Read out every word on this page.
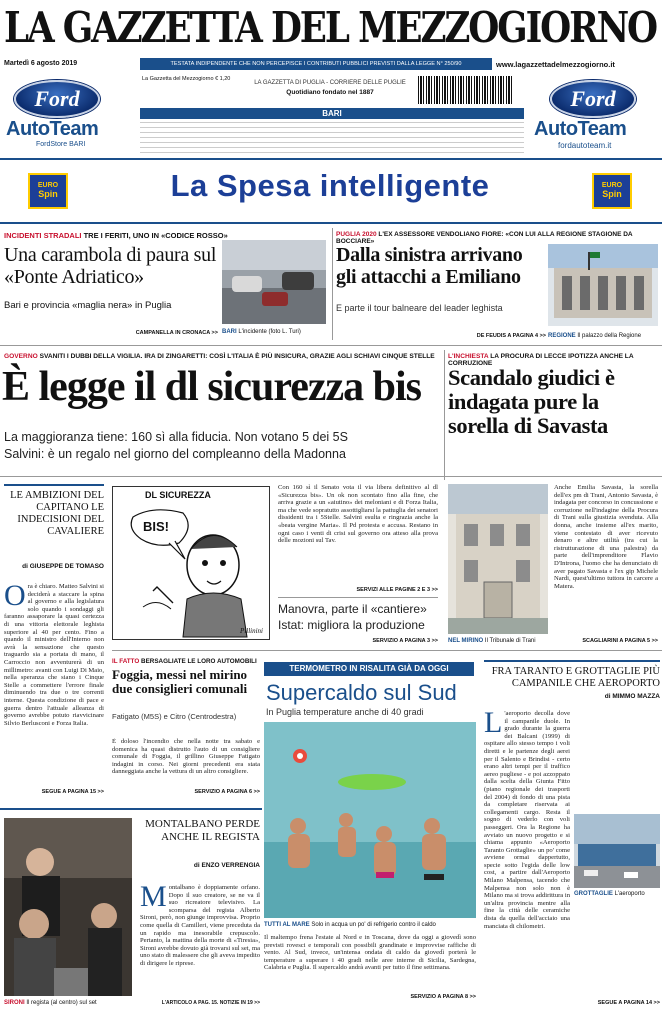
LA GAZZETTA DEL MEZZOGIORNO
Martedì 6 agosto 2019	TESTATA INDIPENDENTE CHE NON PERCEPISCE I CONTRIBUTI PUBBLICI PREVISTI DALLA LEGGE N° 250/90	www.lagazzettadelmezzogiorno.it
La Gazzetta del Mezzogiorno € 1,20
LA GAZZETTA DI PUGLIA - CORRIERE DELLE PUGLIE
Quotidiano fondato nel 1887
BARI
Ford
AutoTeam
FordStore BARI
Ford
AutoTeam
fordautoteam.it
EURO
Spin	La Spesa intelligente	EURO
Spin
INCIDENTI STRADALI TRE I FERITI, UNO IN «CODICE ROSSO»
Una carambola di paura sul «Ponte Adriatico»
Bari e provincia «maglia nera» in Puglia
CAMPANELLA IN CRONACA >> BARI L'incidente (foto L. Turi)
PUGLIA 2020 L'EX ASSESSORE VENDOLIANO FIORE: «CON LUI ALLA REGIONE STAGIONE DA BOCCIARE»
Dalla sinistra arrivano gli attacchi a Emiliano
E parte il tour balneare del leader leghista
DE FEUDIS A PAGINA 4 >> REGIONE Il palazzo della Regione
GOVERNO SVANITI I DUBBI DELLA VIGILIA. IRA DI ZINGARETTI: COSÌ L'ITALIA È PIÙ INSICURA, GRAZIE AGLI SCHIAVI CINQUE STELLE
È legge il dl sicurezza bis
La maggioranza tiene: 160 sì alla fiducia. Non votano 5 dei 5S
Salvini: è un regalo nel giorno del compleanno della Madonna
L'INCHIESTA LA PROCURA DI LECCE IPOTIZZA ANCHE LA CORRUZIONE
Scandalo giudici è indagata pure la sorella di Savasta
LE AMBIZIONI DEL CAPITANO LE INDECISIONI DEL CAVALIERE
di GIUSEPPE DE TOMASO
Ora è chiaro. Matteo Salvini si deciderà a staccare la spina al governo e alla legislatura solo quando i sondaggi gli faranno assaporare la quasi certezza di una vittoria elettorale leghista superiore al 40 per cento. Fino a quando il ministro dell'Interno non avrà la sensazione che questo traguardo sia a portata di mano, il Carroccio non avventurerà di un millimetro: avanti con Luigi Di Maio, nella speranza che siano i Cinque Stelle a commettere l'errore finale diminuendo tra due o tre correnti interne. Questa condizione di pace e guerra dentro l'attuale alleanza di governo avrebbe potuto riavvicinare Silvio Berlusconi e Forza Italia.
SEGUE A PAGINA 15 >>
DL SICUREZZA
BIS!
Pillinini
Con 160 sì il Senato vota il via libera definitivo al dl «Sicurezza bis». Un ok non scontato fino alla fine, che arriva grazie a un «aiutino» dei meloniani e di Forza Italia, ma che vede sopratutto assottigliarsi la pattuglia dei senatori dissidenti tra i 5Stelle. Salvini esulta e ringrazia anche la «beata vergine Maria». Il Pd protesta e accusa. Restano in ogni caso i venti di crisi sul governo ora atteso alla prova delle mozioni sul Tav.
SERVIZI ALLE PAGINE 2 E 3 >>
Manovra, parte il «cantiere»
Istat: migliora la produzione
SERVIZIO A PAGINA 3 >> NEL MIRINO Il Tribunale di Trani
Anche Emilia Savasta, la sorella dell'ex pm di Trani, Antonio Savasta, è indagata per concorso in concussione e corruzione nell'indagine della Procura di Trani sulla giustizia svenduta. Alla donna, anche insieme all'ex marito, viene contestato di aver ricevuto denaro e altre utilità (tra cui la ristrutturazione di una palestra) da parte dell'imprenditore Flavio D'Introna, l'uomo che ha denunciato di aver pagato Savasta e l'ex gip Michele Nardi, quest'ultimo tuttora in carcere a Matera.
SCAGLIARINI A PAGINA 5 >>
IL FATTO BERSAGLIATE LE LORO AUTOMOBILI
Foggia, messi nel mirino due consiglieri comunali
Fatigato (M5S) e Citro (Centrodestra)
È doloso l'incendio che nella notte tra sabato e domenica ha quasi distrutto l'auto di un consigliere comunale di Foggia, il grillino Giuseppe Fatigato indagini in corso. Nei giorni precedenti era stata danneggiata anche la vettura di un altro consigliere.
SERVIZIO A PAGINA 6 >>
TERMOMETRO IN RISALITA GIÀ DA OGGI
Supercaldo sul Sud
In Puglia temperature anche di 40 gradi
TUTTI AL MARE Solo in acqua un po' di refrigerio contro il caldo
Il maltempo frena l'estate al Nord e in Toscana, dove da oggi a giovedì sono previsti rovesci e temporali con possibili grandinate e improvvise raffiche di vento. Al Sud, invece, un'intensa ondata di caldo da giovedì porterà le temperature a superare i 40 gradi nelle aree interne di Sicilia, Sardegna, Calabria e Puglia. Il supercaldo andrà avanti per tutto il fine settimana.
SERVIZIO A PAGINA 8 >>
FRA TARANTO E GROTTAGLIE PIÙ CAMPANILE CHE AEROPORTO
di MIMMO MAZZA
L 'aeroporto decolla dove il campanile duole. In grado durante la guerra dei Balcani (1999) di ospitare allo stesso tempo i voli diretti e le partenze degli aerei per il Salento e Brindisi - certo erano altri tempi per il traffico aereo pugliese - e poi azzoppato dalla scelta della Giunta Fitto (piano regionale dei trasporti del 2004) di fondo di una pista da completare riservata ai collegamenti cargo. Resta il sogno di vederlo con voli passeggeri. Ora la Regione ha avviato un nuovo progetto e si chiama appunto «Aeroporto Taranto Grottaglie» un po' come avviene ormai dappertutto, specie sotto l'egida delle low cost, a partire dall'Aeroporto Milano Malpensa, tacendo che Malpensa non solo non è Milano ma si trova addirittura in un'altra provincia mentre alla fine la città delle ceramiche dista da quella dell'acciaio una manciata di chilometri.
GROTTAGLIE L'aeroporto
SEGUE A PAGINA 14 >>
MONTALBANO PERDE ANCHE IL REGISTA
di ENZO VERRENGIA
Montalbano è doppiamente orfano. Dopo il suo creatore, se ne va il suo ricreatore televisivo. La scomparsa del regista Alberto Sironi, però, non giunge improvvisa. Proprio come quella di Camilleri, viene preceduta da un rapido ma inesorabile crepuscolo. Pertanto, la mattina della morte di «Tiresia», Sironi avrebbe dovuto già trovarsi sul set, ma uno stato di malessere che gli aveva impedito di dirigere le riprese.
SIRONI Il regista (al centro) sul set	L'ARTICOLO A PAG. 15. NOTIZIE IN 19 >>
